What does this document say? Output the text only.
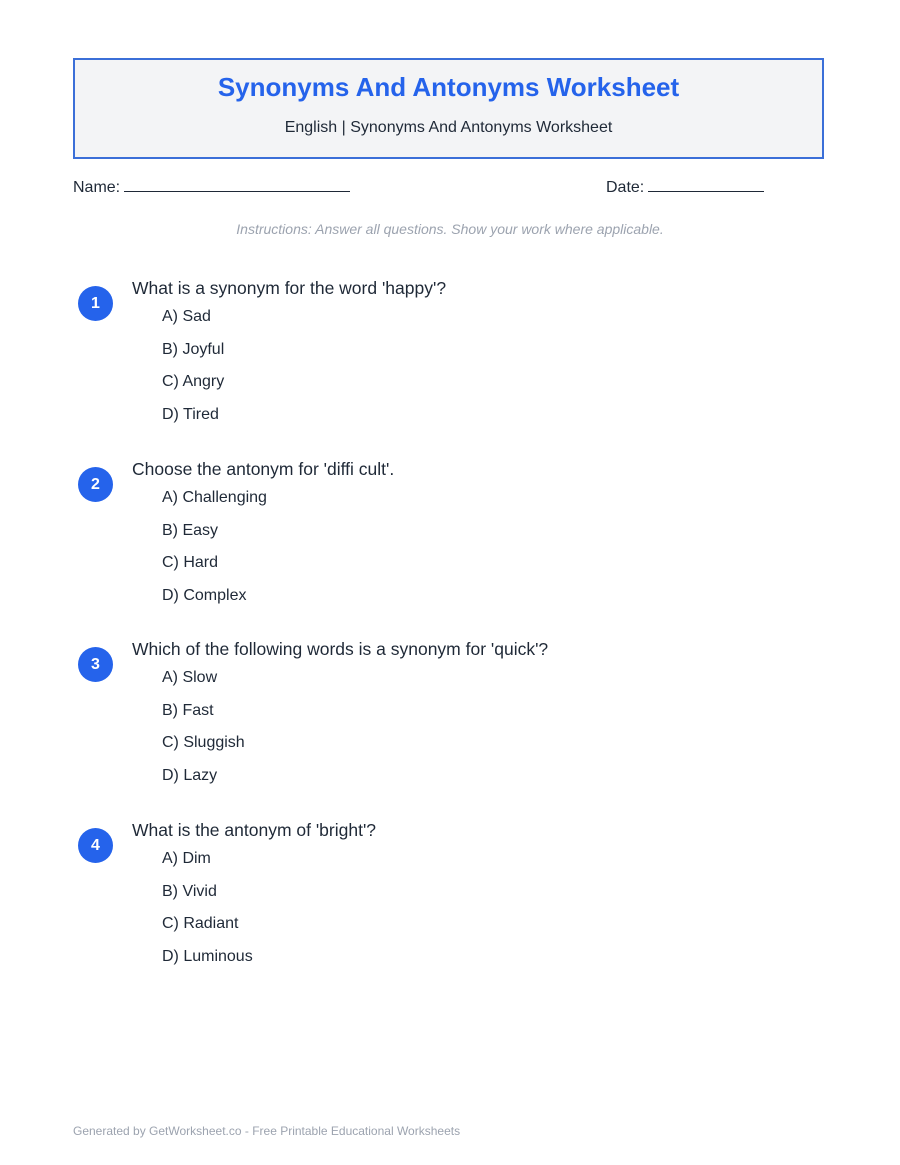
Synonyms And Antonyms Worksheet
English | Synonyms And Antonyms Worksheet
Name:	Date:
Instructions: Answer all questions. Show your work where applicable.
1
What is a synonym for the word 'happy'?
A) Sad
B) Joyful
C) Angry
D) Tired
2
Choose the antonym for 'diffi cult'.
A) Challenging
B) Easy
C) Hard
D) Complex
3
Which of the following words is a synonym for 'quick'?
A) Slow
B) Fast
C) Sluggish
D) Lazy
4
What is the antonym of 'bright'?
A) Dim
B) Vivid
C) Radiant
D) Luminous
Generated by GetWorksheet.co - Free Printable Educational Worksheets
